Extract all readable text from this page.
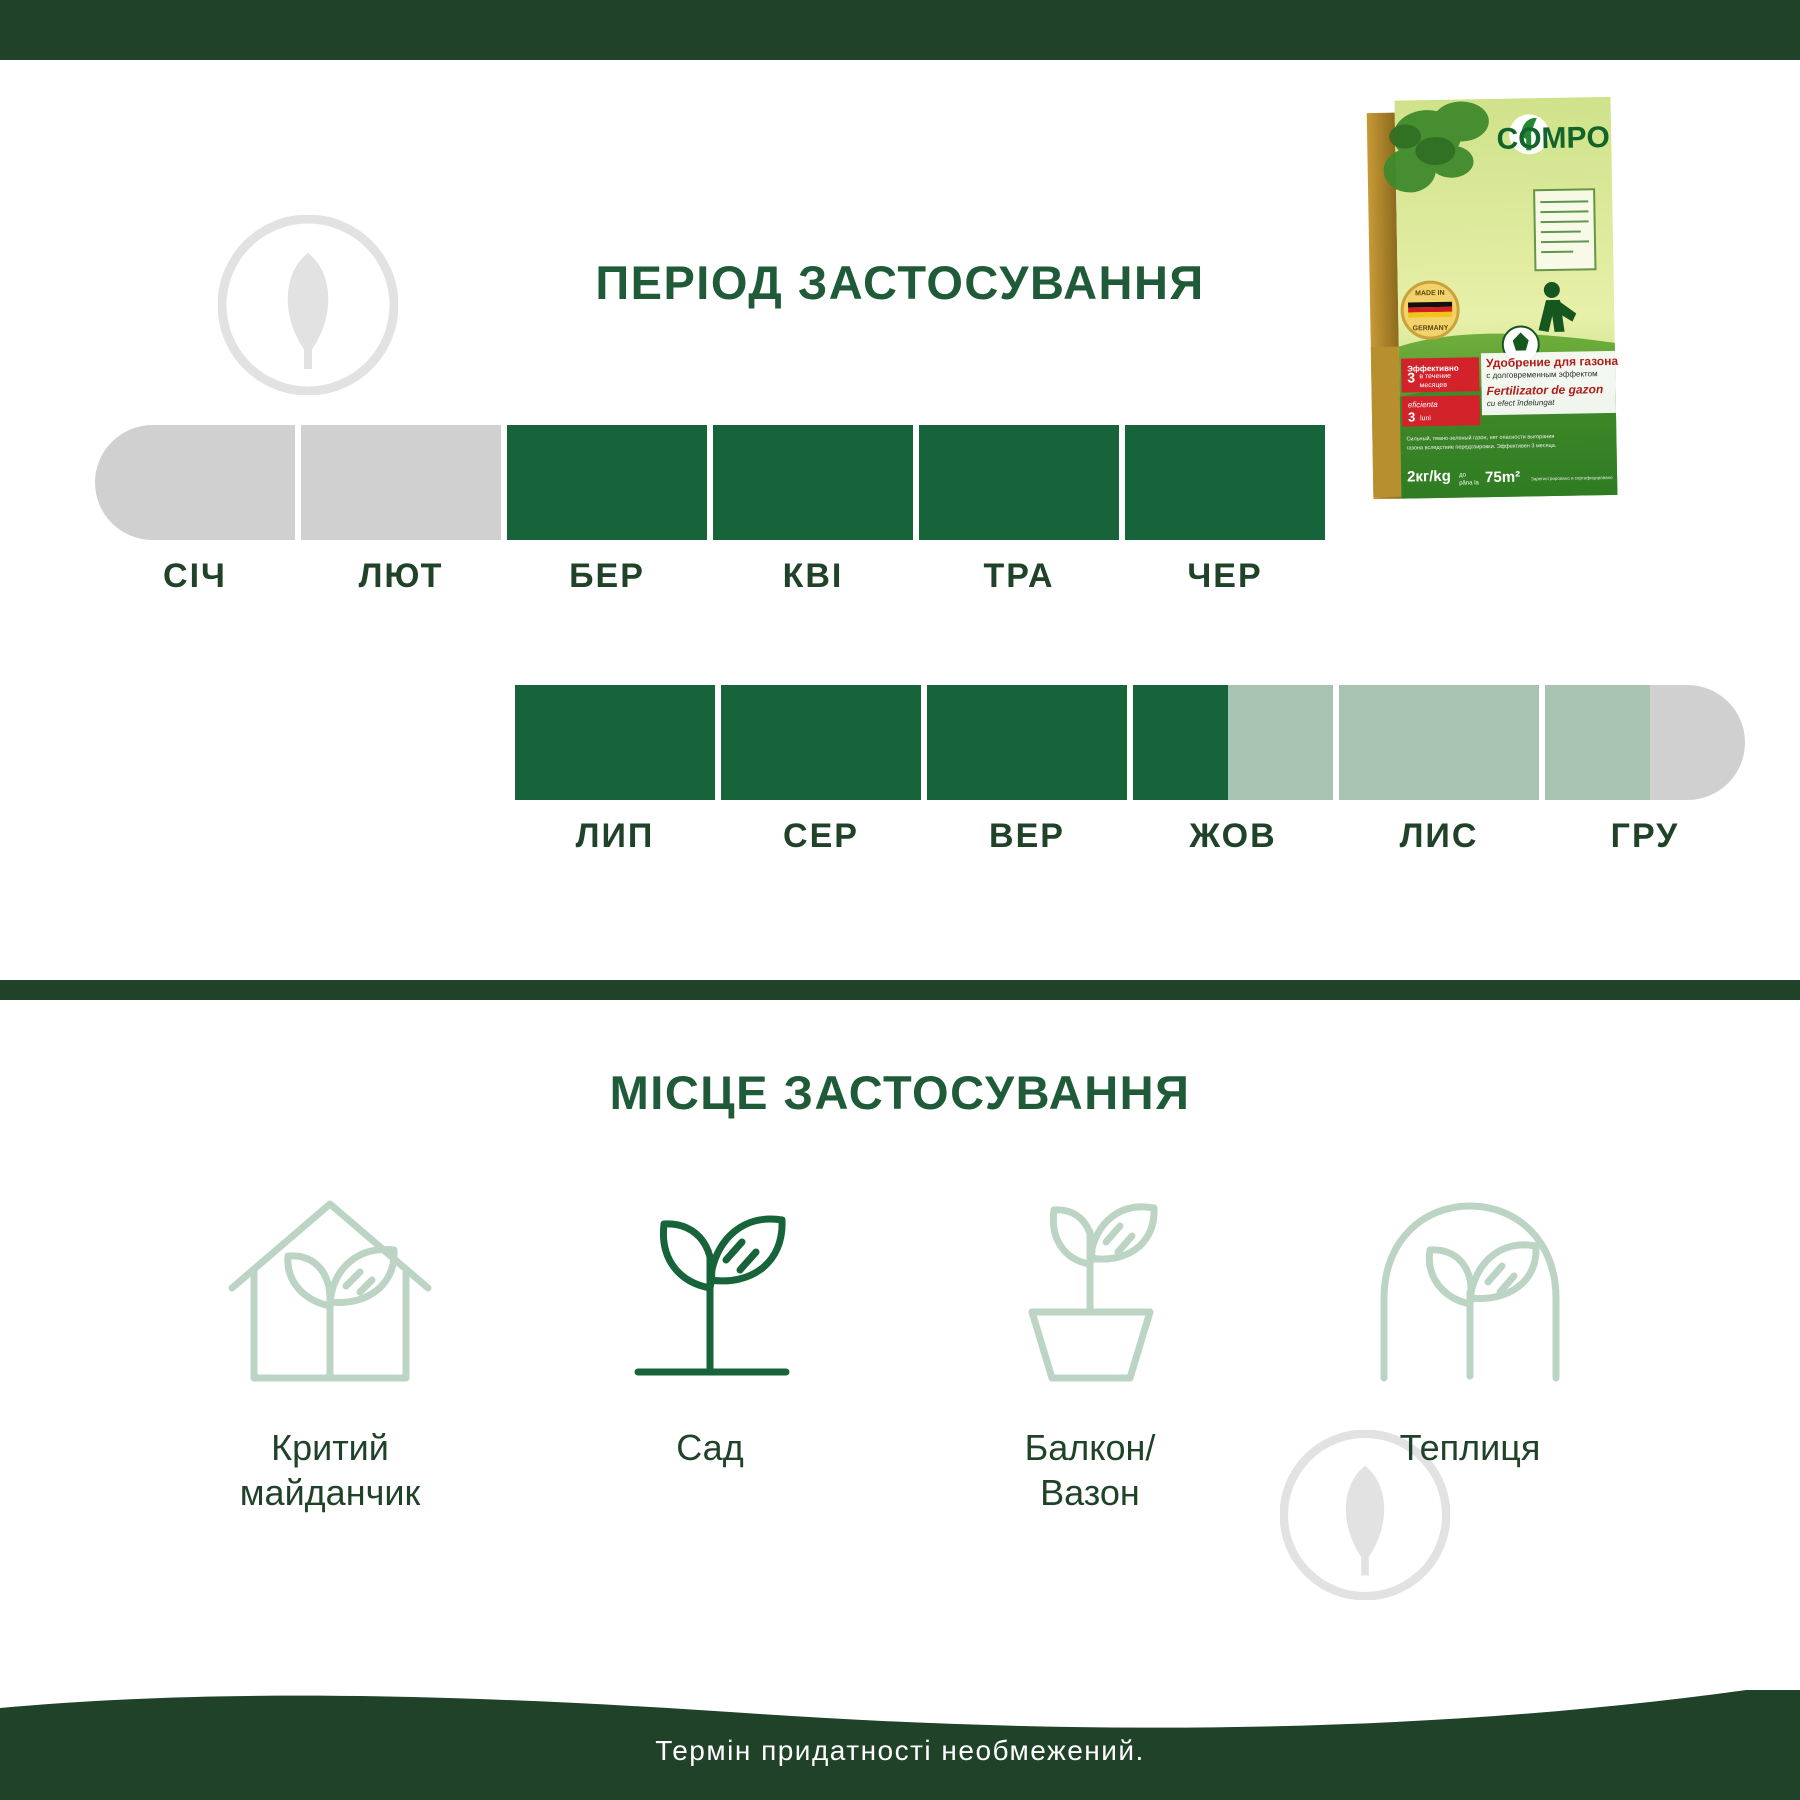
ПЕРІОД ЗАСТОСУВАННЯ
СІЧ	ЛЮТ	БЕР	КВІ	ТРА	ЧЕР
ЛИП	СЕР	ВЕР	ЖОВ	ЛИС	ГРУ
COMPO
MADE IN
GERMANY
Эффективно
3 в течение
месяцев
eficienta
3 luni
Удобрение для газона
с долговременным эффектом
Fertilizator de gazon
cu efect îndelungat
Сильный, темно-зеленый газон, нет опасности выгорания
газона вследствие передозировки. Эффективен 3 месяца.
2кг/kg до
pâna la 75m² Зарегистрировано и сертифицировано
МІСЦЕ ЗАСТОСУВАННЯ
Критий
майданчик
Сад	Балкон/
Вазон
Теплиця
Термін придатності необмежений.
